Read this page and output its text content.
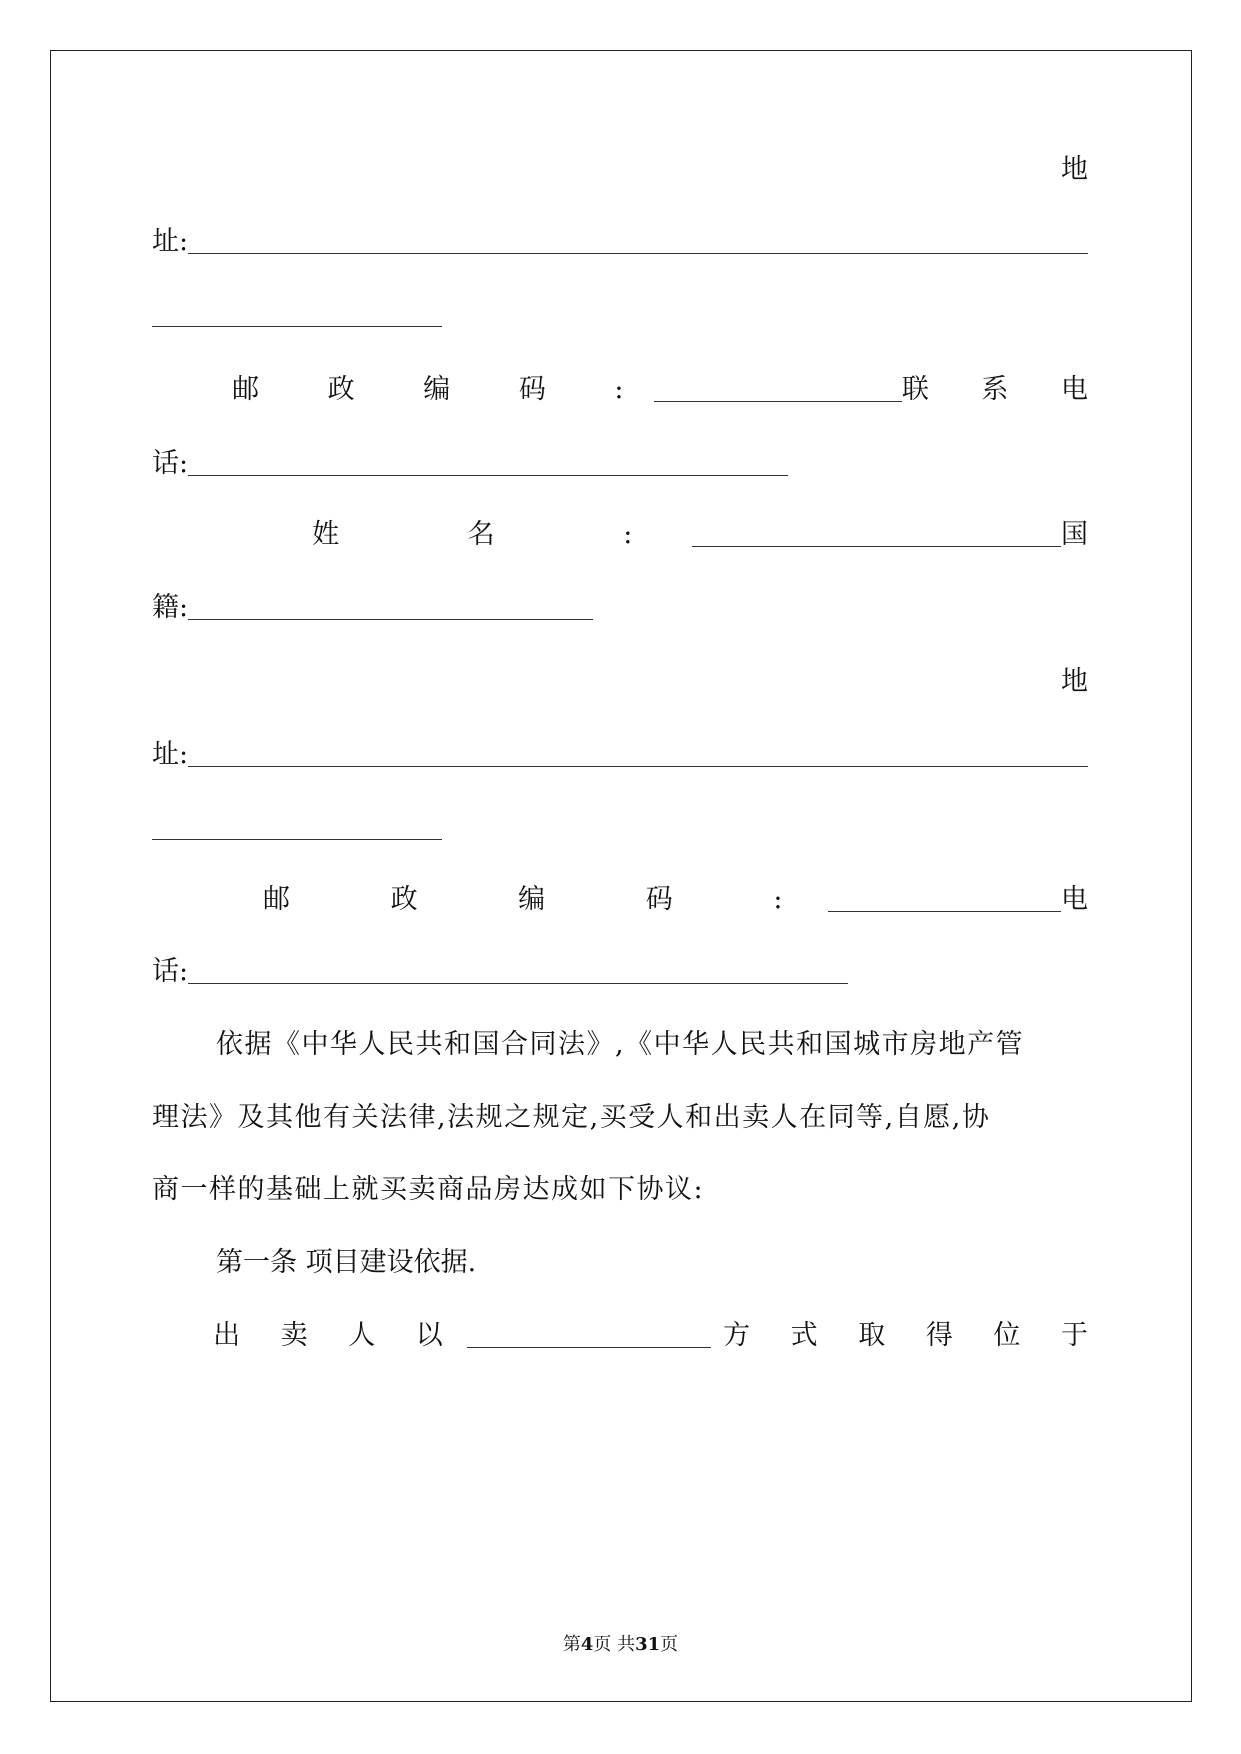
地
址:
邮 政 编 码 :	联 系 电
话:
姓 名 :	国
籍:
地
址:
邮 政 编 码 :	电
话:
依据《中华人民共和国合同法》,《中华人民共和国城市房地产管
理法》及其他有关法律,法规之规定,买受人和出卖人在同等,自愿,协
商一样的基础上就买卖商品房达成如下协议:
第一条 项目建设依据.
出 卖 人 以	方 式 取 得 位 于
第4页 共31页
